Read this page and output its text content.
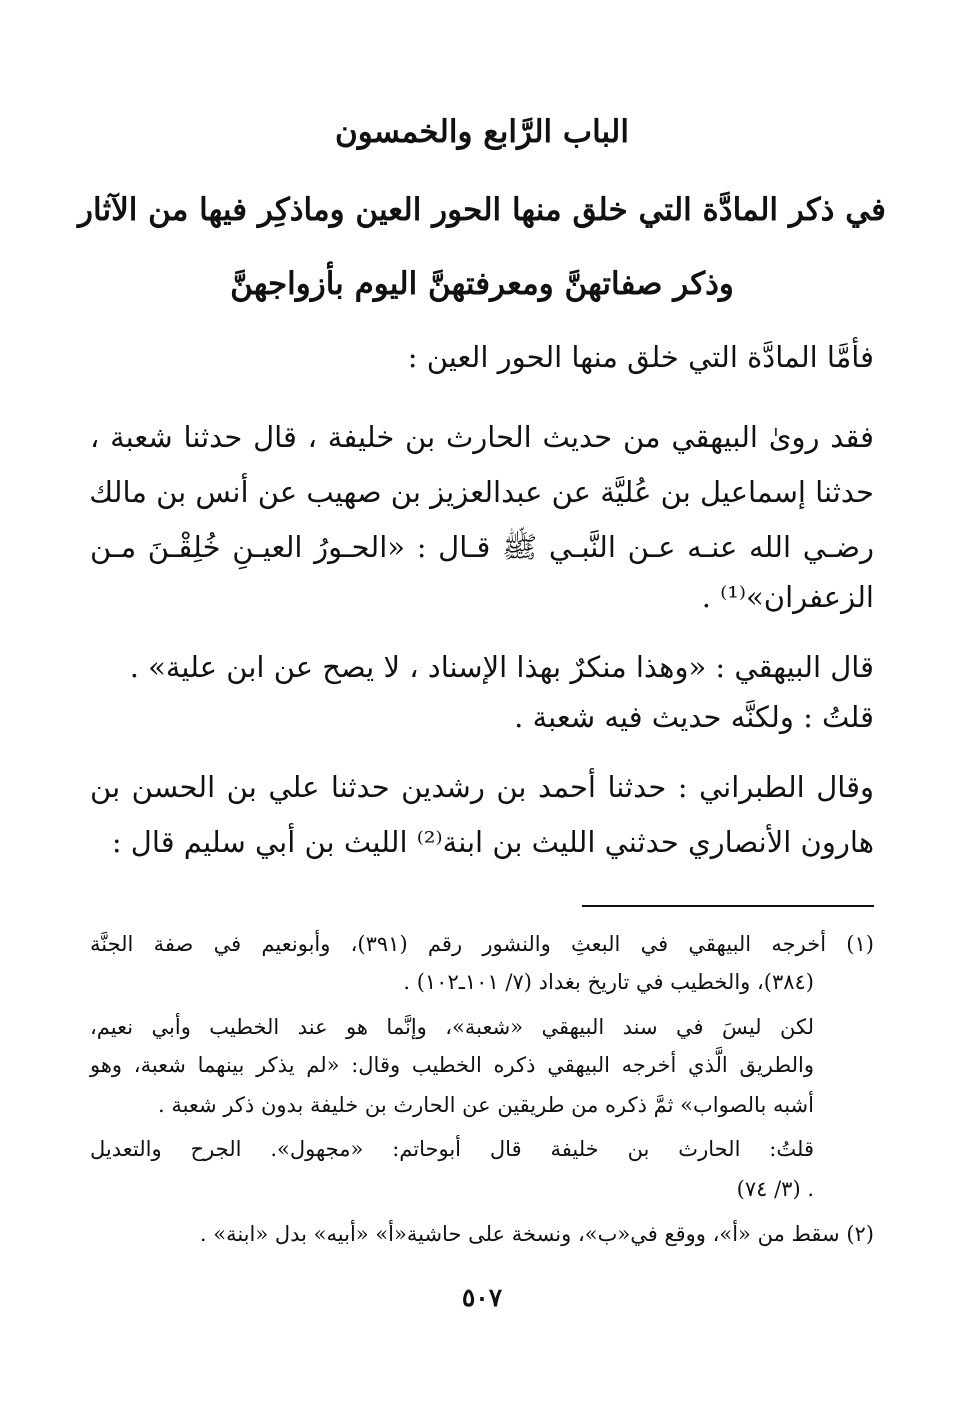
الباب الرَّابع والخمسون
في ذكر المادَّة التي خلق منها الحور العين وماذكِر فيها من الآثار
وذكر صفاتهنَّ ومعرفتهنَّ اليوم بأزواجهنَّ

فأمَّا المادَّة التي خلق منها الحور العين :

فقد روىٰ البيهقي من حديث الحارث بن خليفة ، قال حدثنا شعبة ،

حدثنا إسماعيل بن عُليَّة عن عبدالعزيز بن صهيب عن أنس بن مالك

رضـي الله عنـه عـن النَّبـي ﷺ قـال : «الحـورُ العيـنِ خُلِقْـنَ مـن

الزعفران»⁽¹⁾ .

قال البيهقي : «وهذا منكرٌ بهذا الإسناد ، لا يصح عن ابن علية» .

قلتُ : ولكنَّه حديث فيه شعبة .

وقال الطبراني : حدثنا أحمد بن رشدين حدثنا علي بن الحسن بن

هارون الأنصاري حدثني الليث بن ابنة⁽²⁾ الليث بن أبي سليم قال :

(١) أخرجه البيهقي في البعثِ والنشور رقم (٣٩١)، وأبونعيم في صفة الجنَّة

(٣٨٤)، والخطيب في تاريخ بغداد (٧/ ١٠١ـ١٠٢) .

لكن ليسَ في سند البيهقي «شعبة»، وإنَّما هو عند الخطيب وأبي نعيم،

والطريق الَّذي أخرجه البيهقي ذكره الخطيب وقال: «لم يذكر بينهما شعبة، وهو

أشبه بالصواب» ثمَّ ذكره من طريقين عن الحارث بن خليفة بدون ذكر شعبة .

قلتُ: الحارث بن خليفة قال أبوحاتم: «مجهول». الجرح والتعديل

(٣/ ٧٤) .

(٢) سقط من «أ»، ووقع في«ب»، ونسخة على حاشية«أ» «أبيه» بدل «ابنة» .

٥٠٧
